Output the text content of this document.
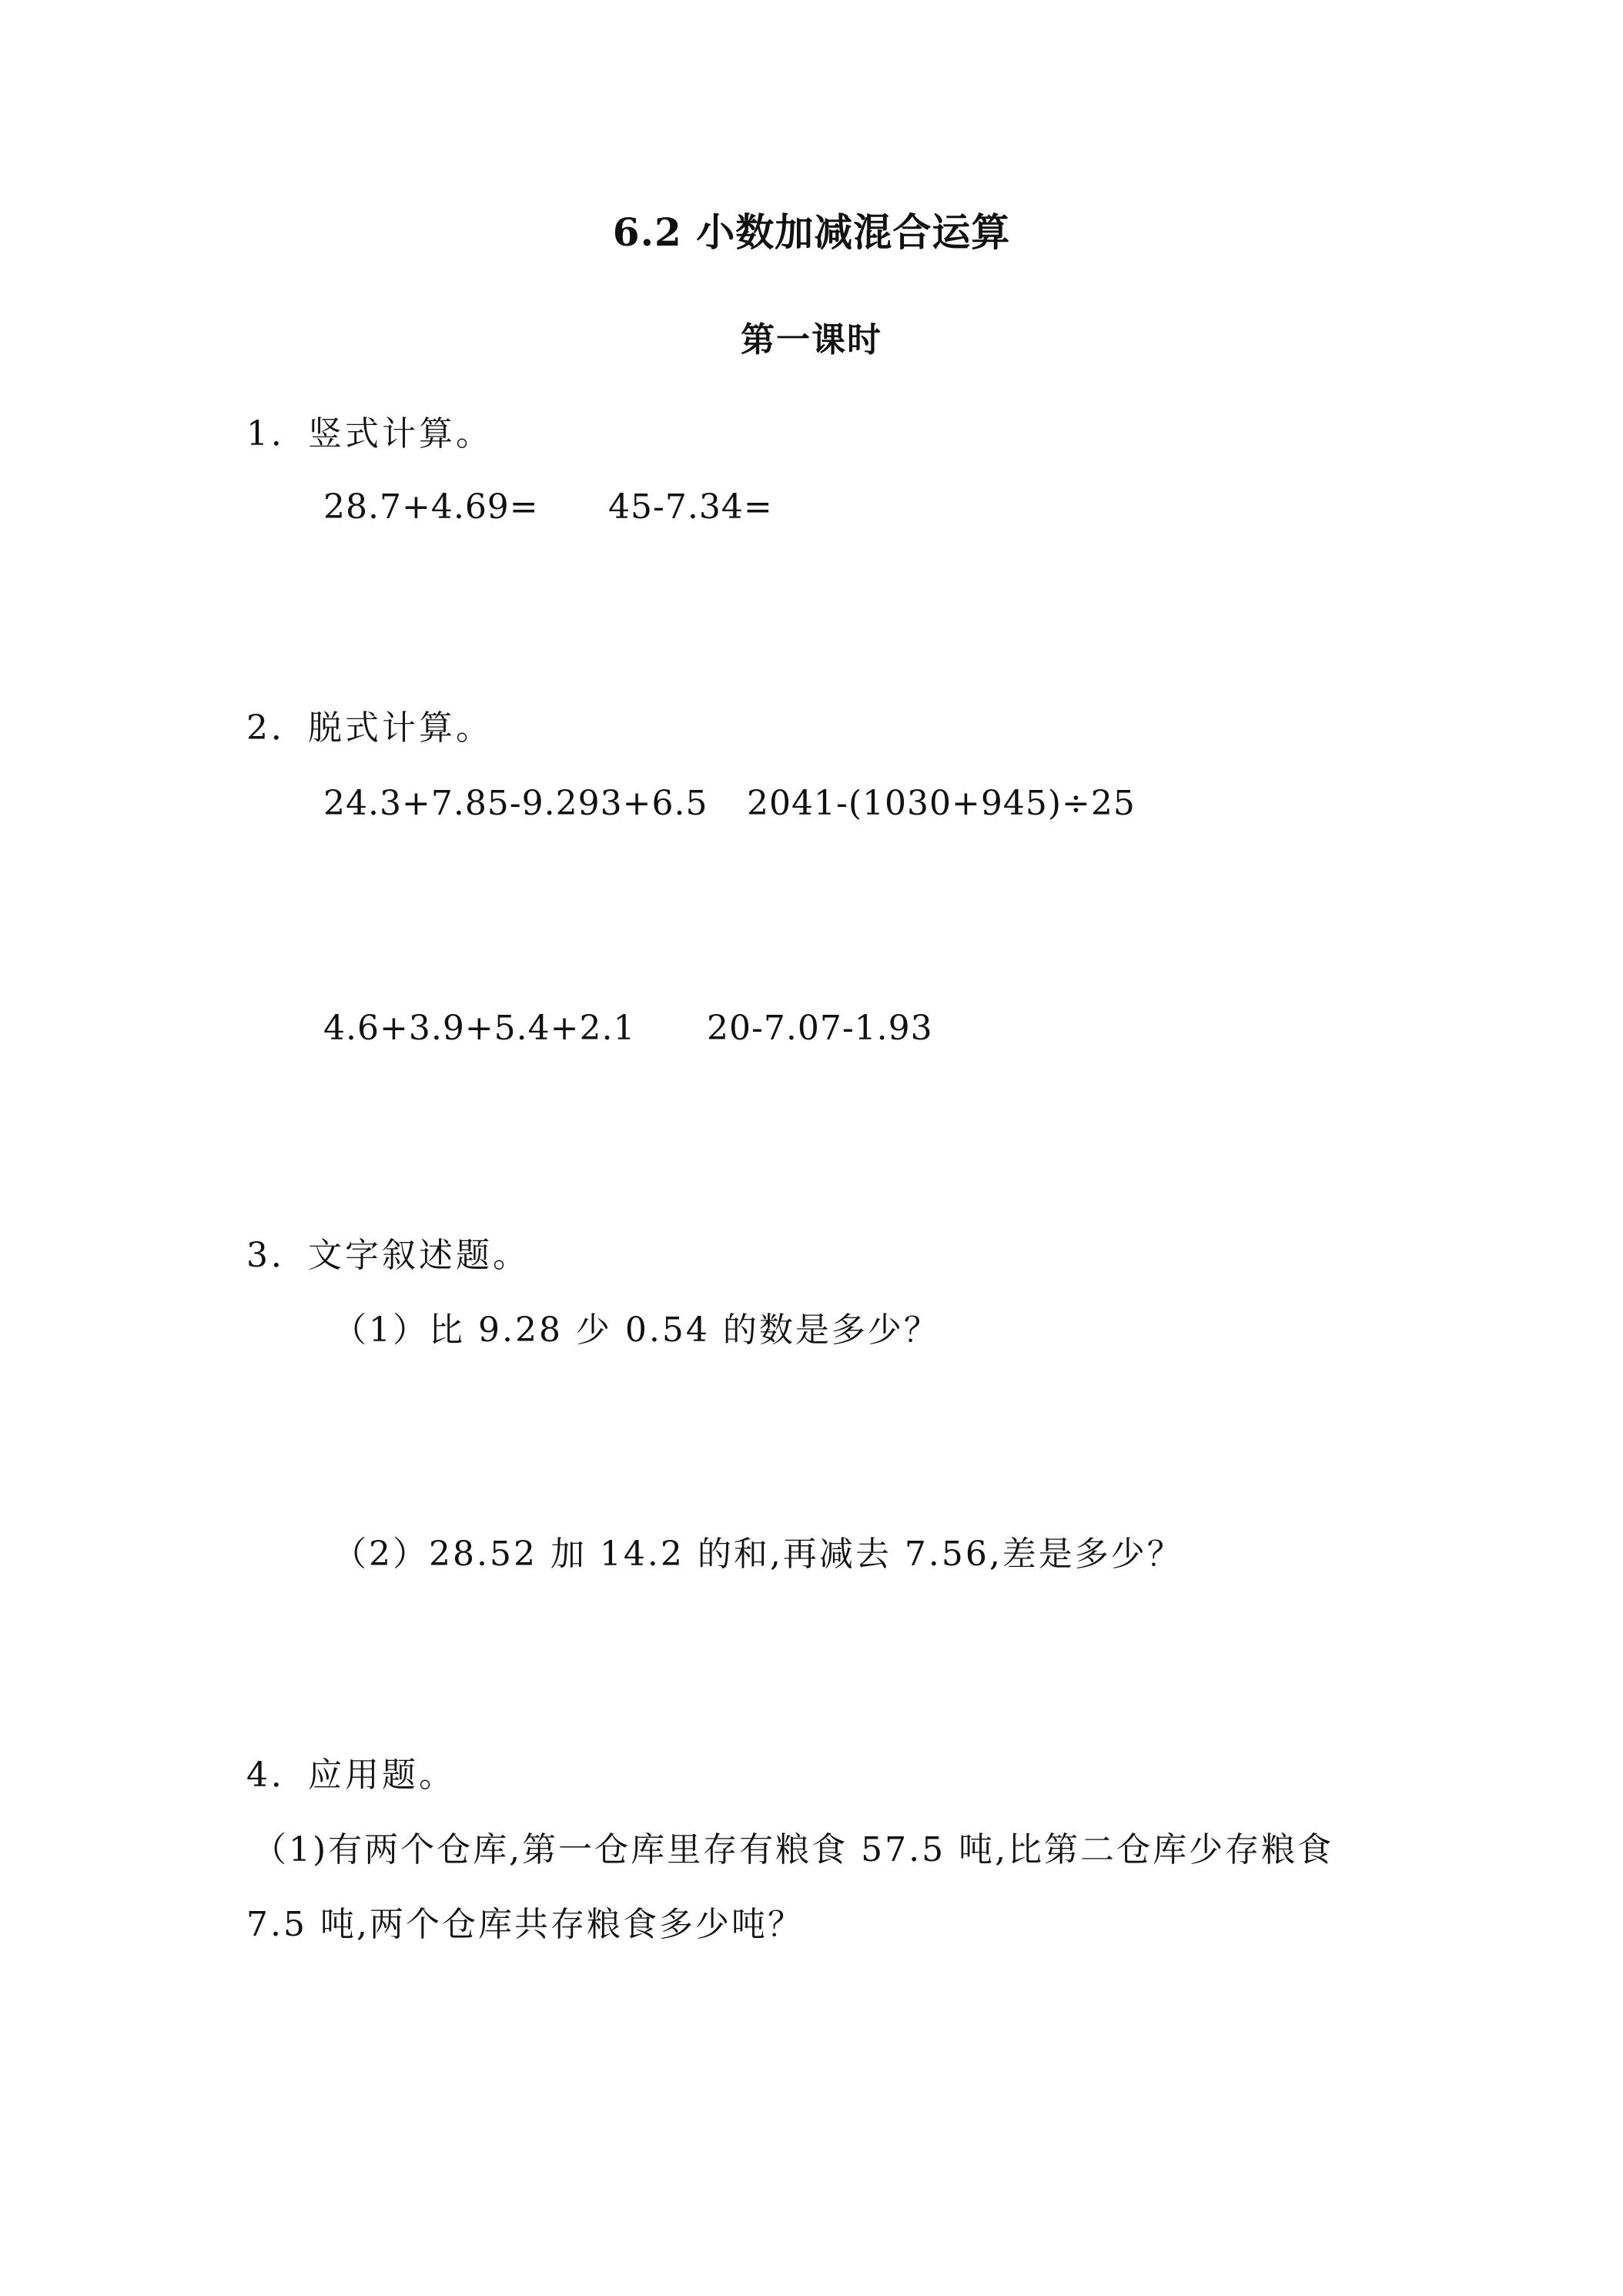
6.2 小数加减混合运算
第一课时
1．竖式计算。
28.7+4.69= 45-7.34=
2．脱式计算。
24.3+7.85-9.293+6.5 2041-(1030+945)÷25
4.6+3.9+5.4+2.1 20-7.07-1.93
3．文字叙述题。
（1）比 9.28 少 0.54 的数是多少？
（2）28.52 加 14.2 的和,再减去 7.56,差是多少？
4．应用题。
（1)有两个仓库,第一仓库里存有粮食 57.5 吨,比第二仓库少存粮食
7.5 吨,两个仓库共存粮食多少吨？
